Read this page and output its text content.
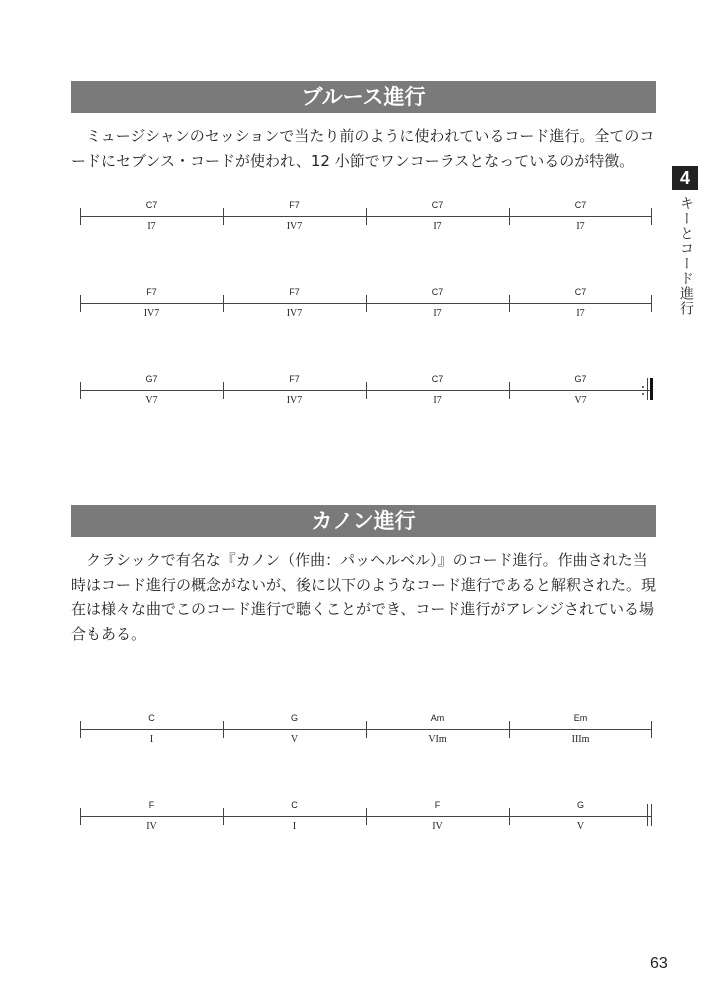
4
キーとコード進行
ブルース進行

ミュージシャンのセッションで当たり前のように使われているコード進行。全てのコードにセブンス・コードが使われ、12 小節でワンコーラスとなっているのが特徴。

C7
I7
F7
IV7
C7
I7
C7
I7
F7
IV7
F7
IV7
C7
I7
C7
I7
G7
V7
F7
IV7
C7
I7
G7
V7
カノン進行

クラシックで有名な『カノン（作曲：パッヘルベル）』のコード進行。作曲された当時はコード進行の概念がないが、後に以下のようなコード進行であると解釈された。現在は様々な曲でこのコード進行で聴くことができ、コード進行がアレンジされている場合もある。

C
I
G
V
Am
VIm
Em
IIIm
F
IV
C
I
F
IV
G
V
63
